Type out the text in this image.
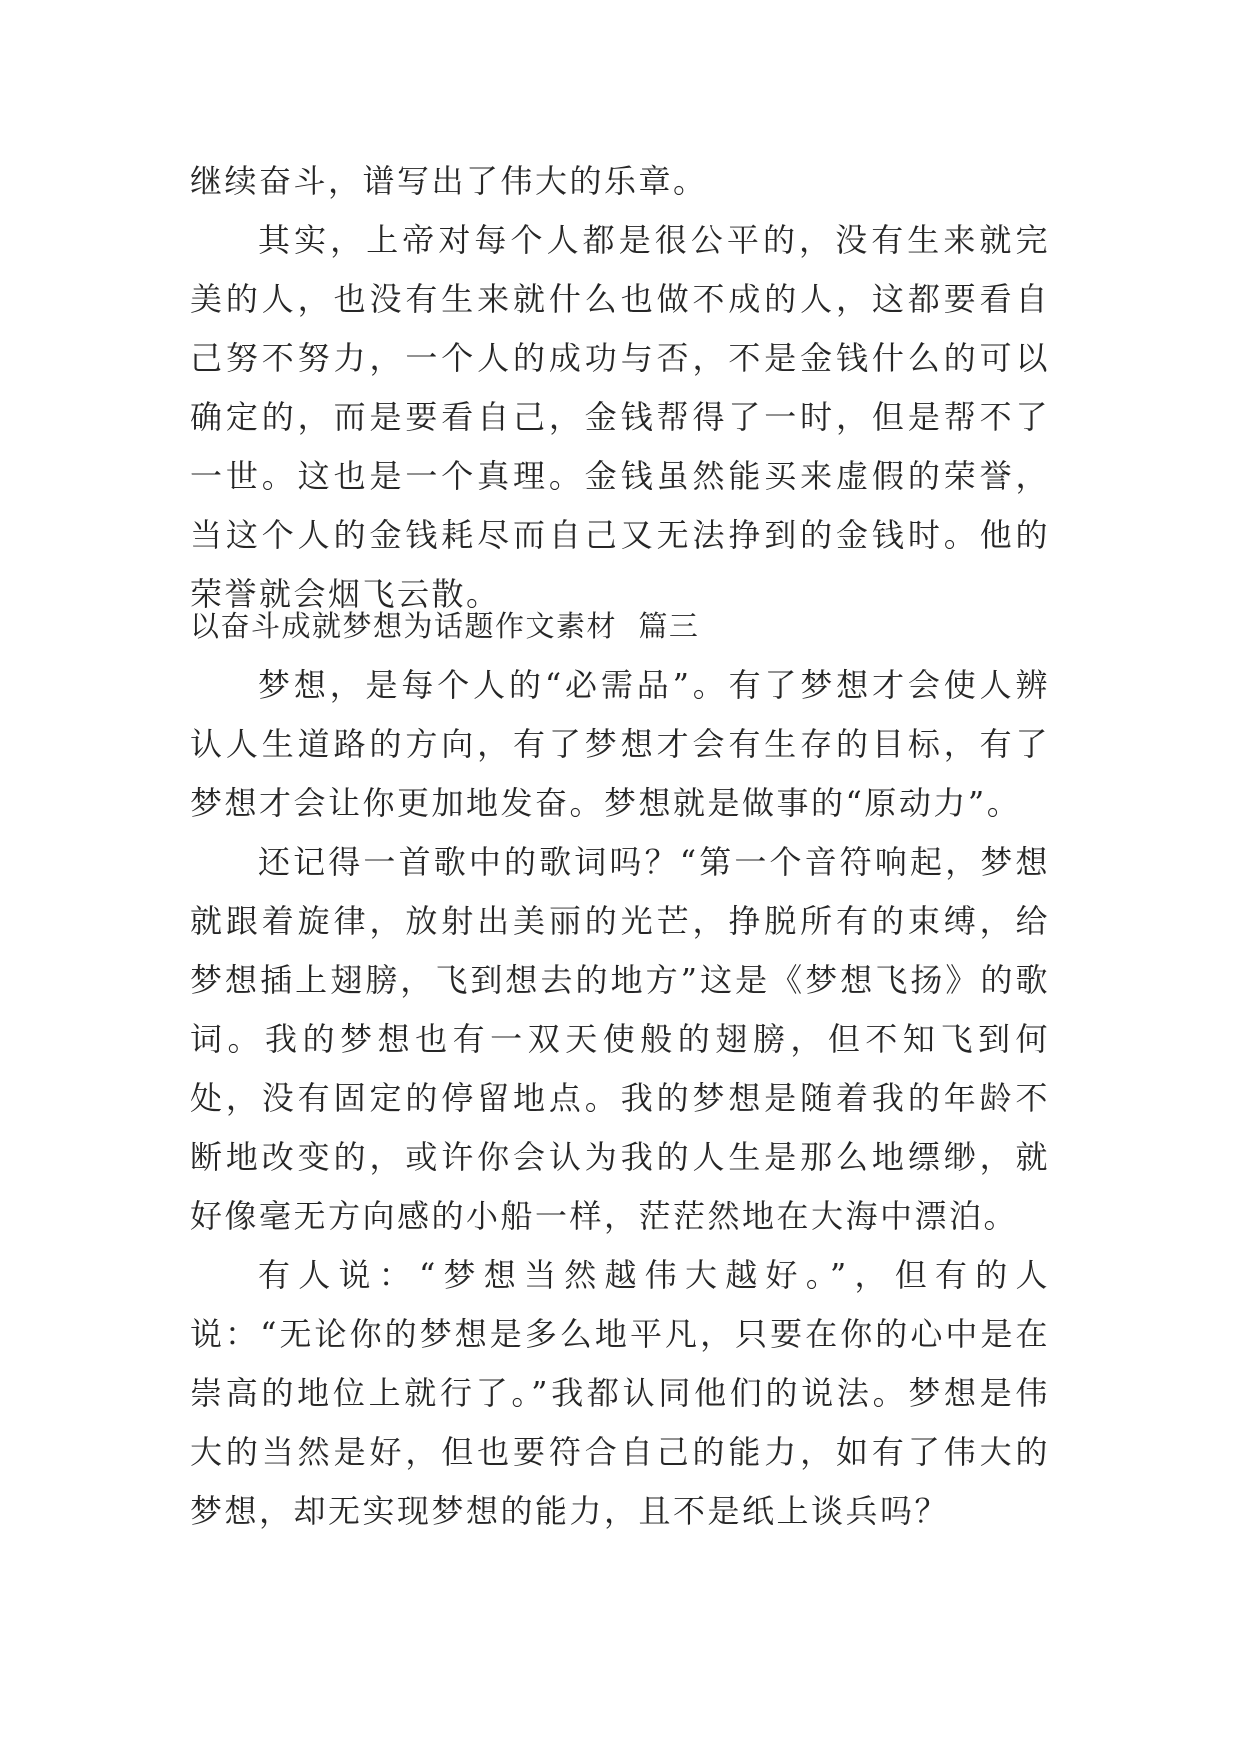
继续奋斗，谱写出了伟大的乐章。

其实，上帝对每个人都是很公平的，没有生来就完美的人，也没有生来就什么也做不成的人，这都要看自己努不努力，一个人的成功与否，不是金钱什么的可以确定的，而是要看自己，金钱帮得了一时，但是帮不了一世。这也是一个真理。金钱虽然能买来虚假的荣誉，当这个人的金钱耗尽而自己又无法挣到的金钱时。他的荣誉就会烟飞云散。

以奋斗成就梦想为话题作文素材  篇三

梦想，是每个人的“必需品”。有了梦想才会使人辨认人生道路的方向，有了梦想才会有生存的目标，有了梦想才会让你更加地发奋。梦想就是做事的“原动力”。

还记得一首歌中的歌词吗？“第一个音符响起，梦想就跟着旋律，放射出美丽的光芒，挣脱所有的束缚，给梦想插上翅膀，飞到想去的地方”这是《梦想飞扬》的歌词。我的梦想也有一双天使般的翅膀，但不知飞到何处，没有固定的停留地点。我的梦想是随着我的年龄不断地改变的，或许你会认为我的人生是那么地缥缈，就好像毫无方向感的小船一样，茫茫然地在大海中漂泊。

有人说：“梦想当然越伟大越好。”，但有的人说：“无论你的梦想是多么地平凡，只要在你的心中是在崇高的地位上就行了。”我都认同他们的说法。梦想是伟大的当然是好，但也要符合自己的能力，如有了伟大的梦想，却无实现梦想的能力，且不是纸上谈兵吗？
